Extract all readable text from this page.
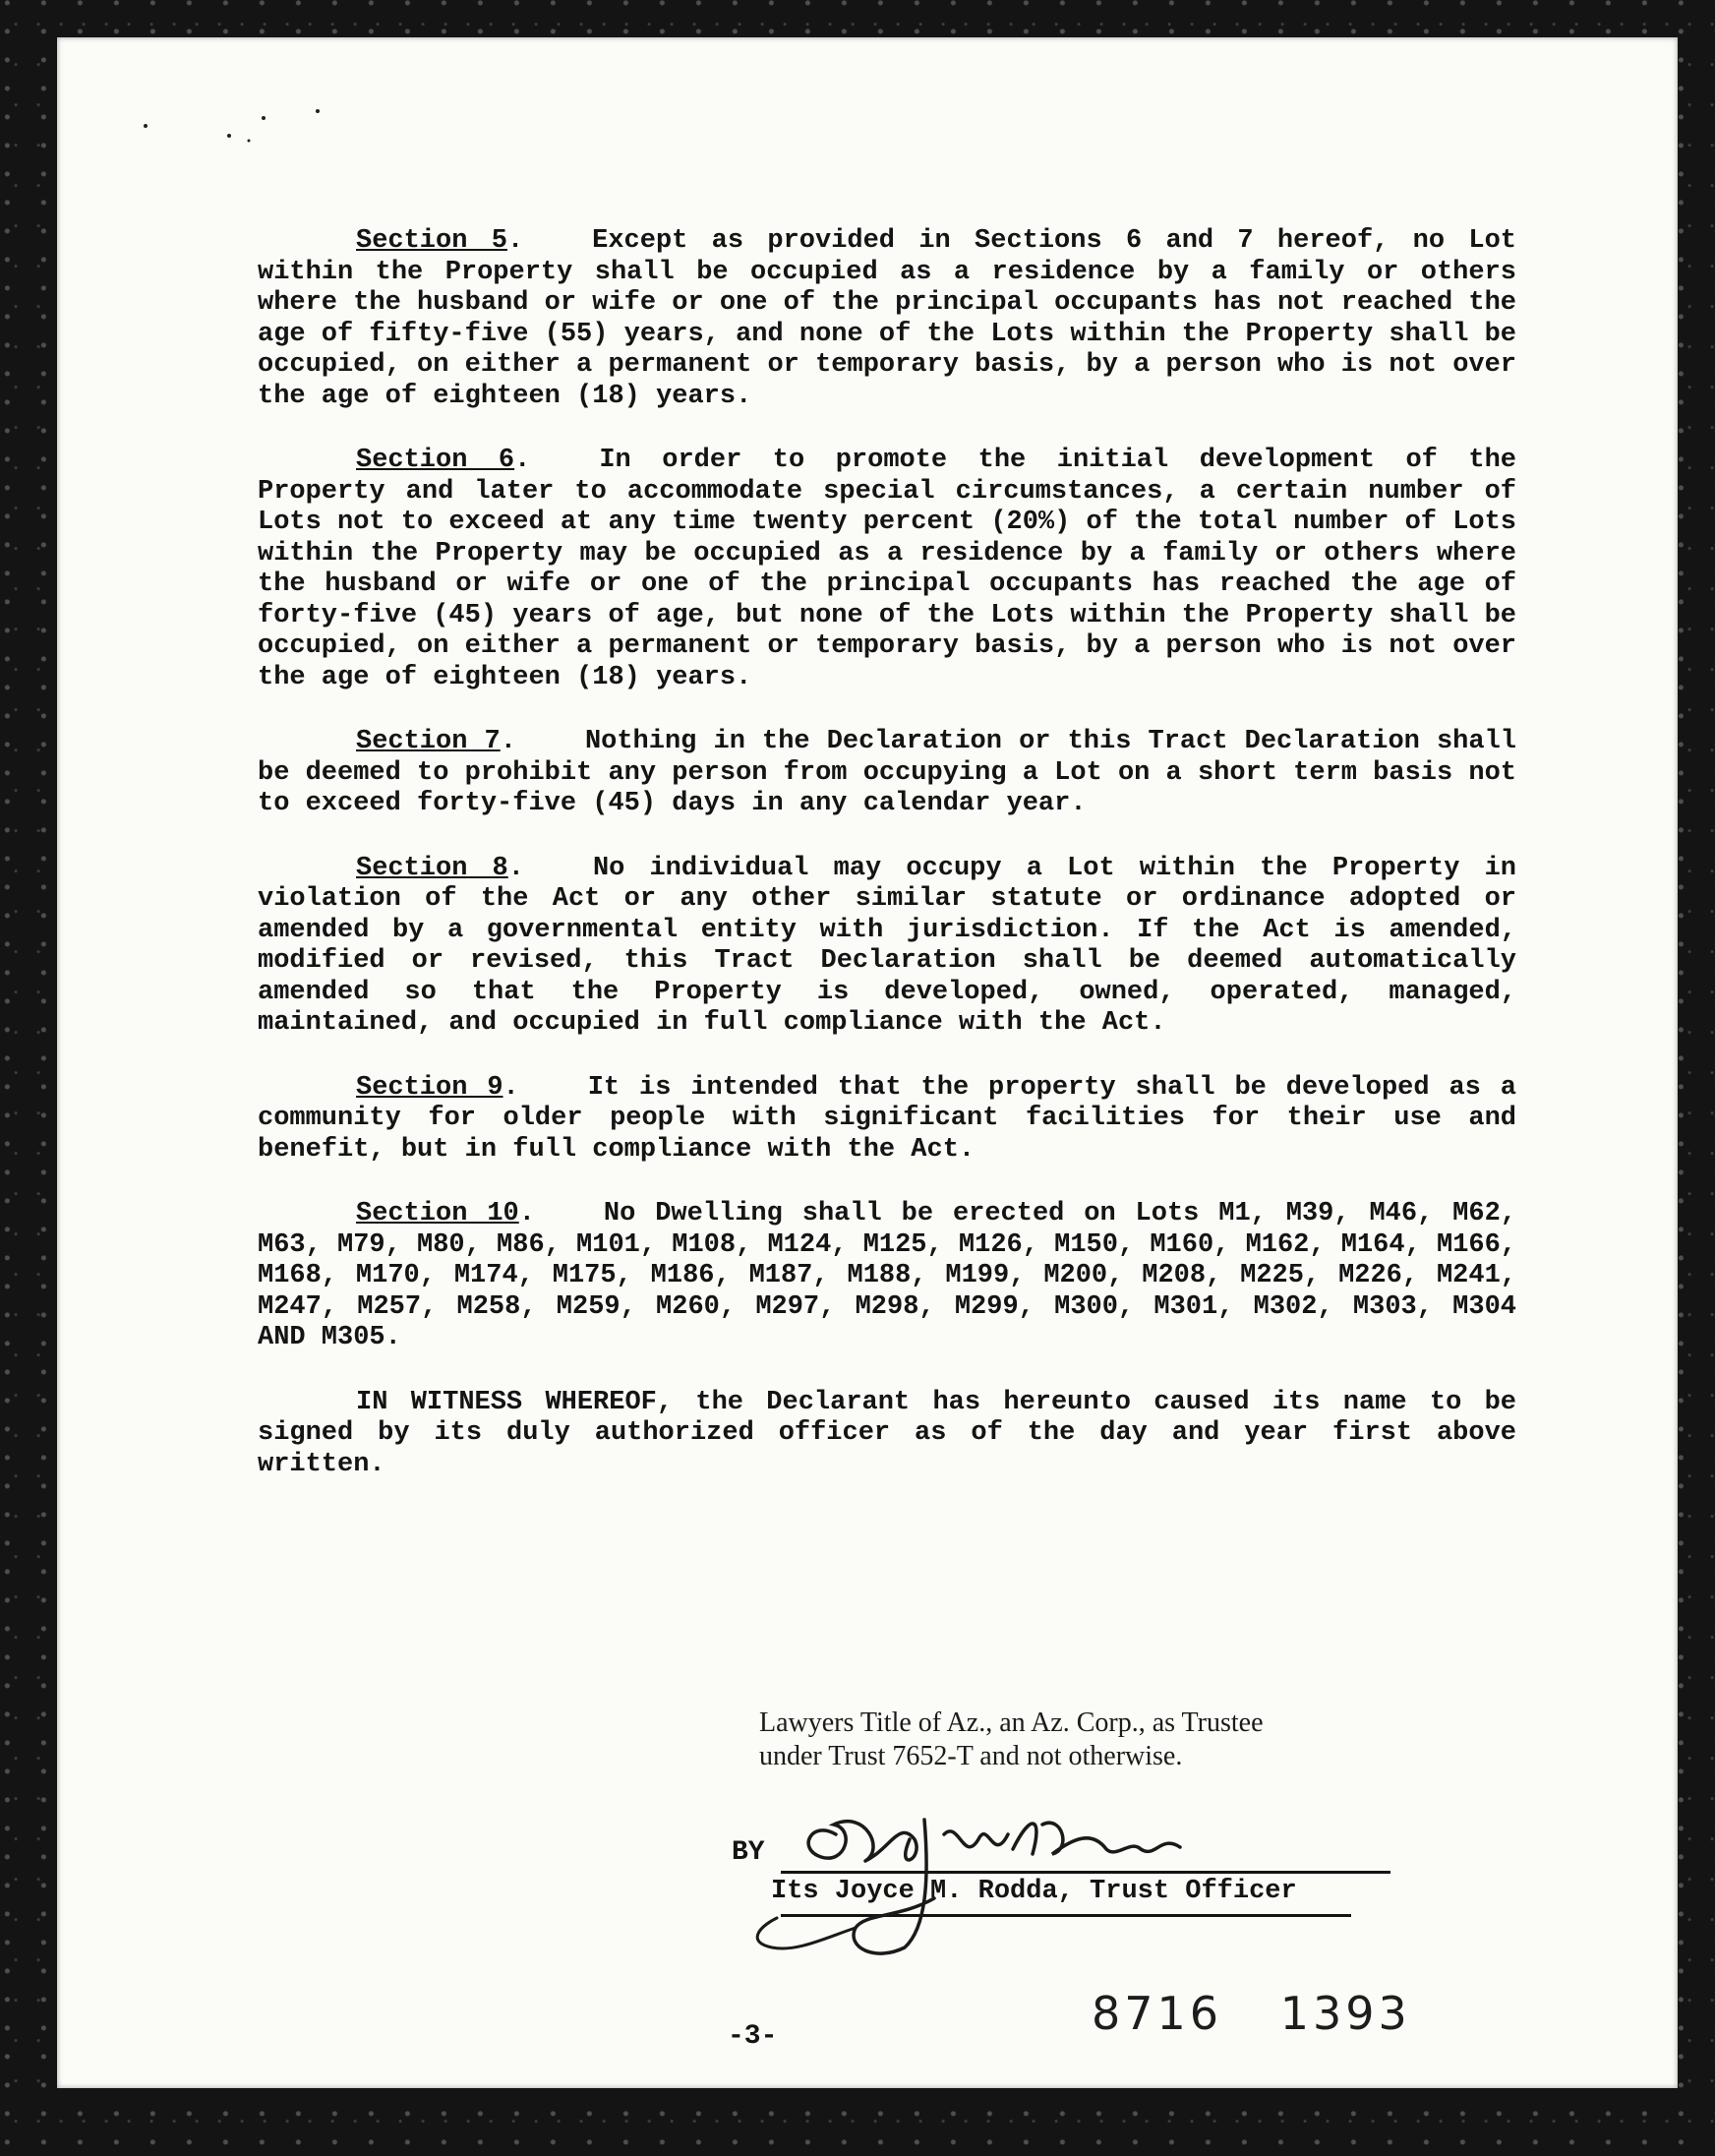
Section 5.	Except as provided in Sections 6 and 7 hereof, no Lot within the Property shall be occupied as a residence by a family or others where the husband or wife or one of the principal occupants has not reached the age of fifty-five (55) years, and none of the Lots within the Property shall be occupied, on either a permanent or temporary basis, by a person who is not over the age of eighteen (18) years.

Section 6.	In order to promote the initial development of the Property and later to accommodate special circumstances, a certain number of Lots not to exceed at any time twenty percent (20%) of the total number of Lots within the Property may be occupied as a residence by a family or others where the husband or wife or one of the principal occupants has reached the age of forty-five (45) years of age, but none of the Lots within the Property shall be occupied, on either a permanent or temporary basis, by a person who is not over the age of eighteen (18) years.

Section 7.	Nothing in the Declaration or this Tract Declaration shall be deemed to prohibit any person from occupying a Lot on a short term basis not to exceed forty-five (45) days in any calendar year.

Section 8.	No individual may occupy a Lot within the Property in violation of the Act or any other similar statute or ordinance adopted or amended by a governmental entity with jurisdiction. If the Act is amended, modified or revised, this Tract Declaration shall be deemed automatically amended so that the Property is developed, owned, operated, managed, maintained, and occupied in full compliance with the Act.

Section 9.	It is intended that the property shall be developed as a community for older people with significant facilities for their use and benefit, but in full compliance with the Act.

Section 10.	No Dwelling shall be erected on Lots M1, M39, M46, M62, M63, M79, M80, M86, M101, M108, M124, M125, M126, M150, M160, M162, M164, M166, M168, M170, M174, M175, M186, M187, M188, M199, M200, M208, M225, M226, M241, M247, M257, M258, M259, M260, M297, M298, M299, M300, M301, M302, M303, M304 AND M305.

IN WITNESS WHEREOF, the Declarant has hereunto caused its name to be signed by its duly authorized officer as of the day and year first above written.

Lawyers Title of Az., an Az. Corp., as Trustee
under Trust 7652-T and not otherwise.
BY
Its Joyce M. Rodda, Trust Officer
8716 1393
-3-
